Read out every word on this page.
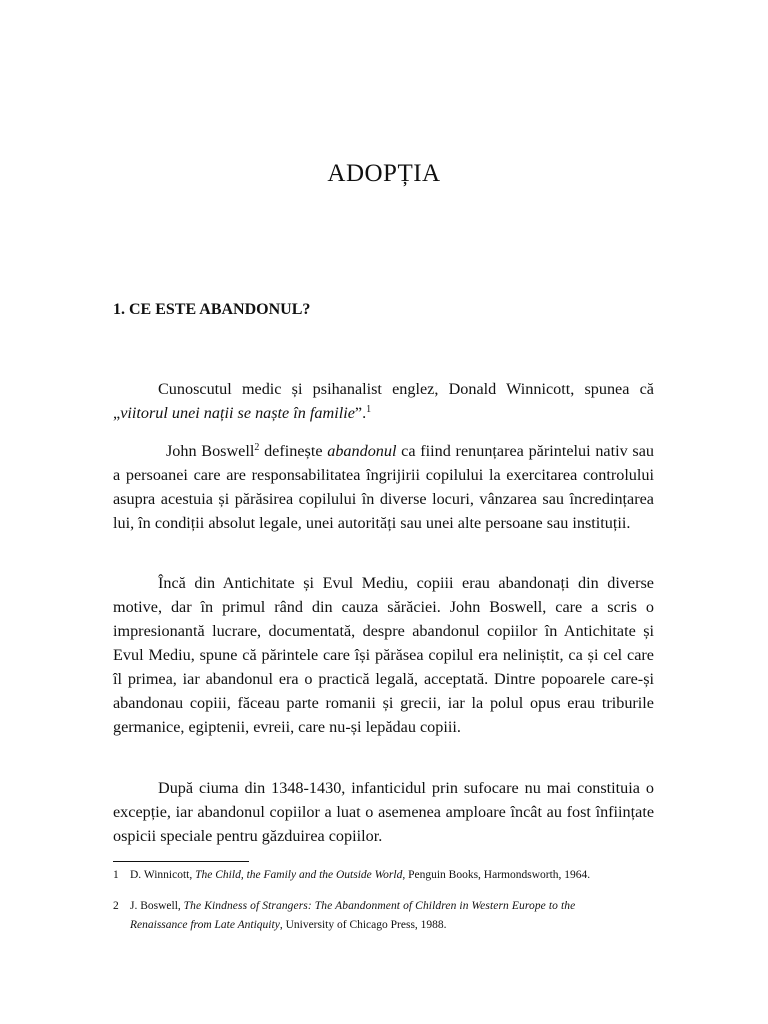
ADOPȚIA
1. CE ESTE ABANDONUL?
Cunoscutul medic și psihanalist englez, Donald Winnicott, spunea că „viitorul unei nații se naște în familie”.$^1$
John Boswell$^2$ definește abandonul ca fiind renunțarea părintelui nativ sau a persoanei care are responsabilitatea îngrijirii copilului la exercitarea controlului asupra acestuia și părăsirea copilului în diverse locuri, vânzarea sau încredințarea lui, în condiții absolut legale, unei autorități sau unei alte persoane sau instituții.
Încă din Antichitate și Evul Mediu, copiii erau abandonați din diverse motive, dar în primul rând din cauza sărăciei. John Boswell, care a scris o impresionantă lucrare, documentată, despre abandonul copiilor în Antichitate și Evul Mediu, spune că părintele care își părăsea copilul era neliniștit, ca și cel care îl primea, iar abandonul era o practică legală, acceptată. Dintre popoarele care-și abandonau copiii, făceau parte romanii și grecii, iar la polul opus erau triburile germanice, egiptenii, evreii, care nu-și lepădau copiii.
După ciuma din 1348-1430, infanticidul prin sufocare nu mai constituia o excepție, iar abandonul copiilor a luat o asemenea amploare încât au fost înființate ospicii speciale pentru găzduirea copiilor.
1 D. Winnicott, The Child, the Family and the Outside World, Penguin Books, Harmondsworth, 1964.
2 J. Boswell, The Kindness of Strangers: The Abandonment of Children in Western Europe to the
Renaissance from Late Antiquity, University of Chicago Press, 1988.
